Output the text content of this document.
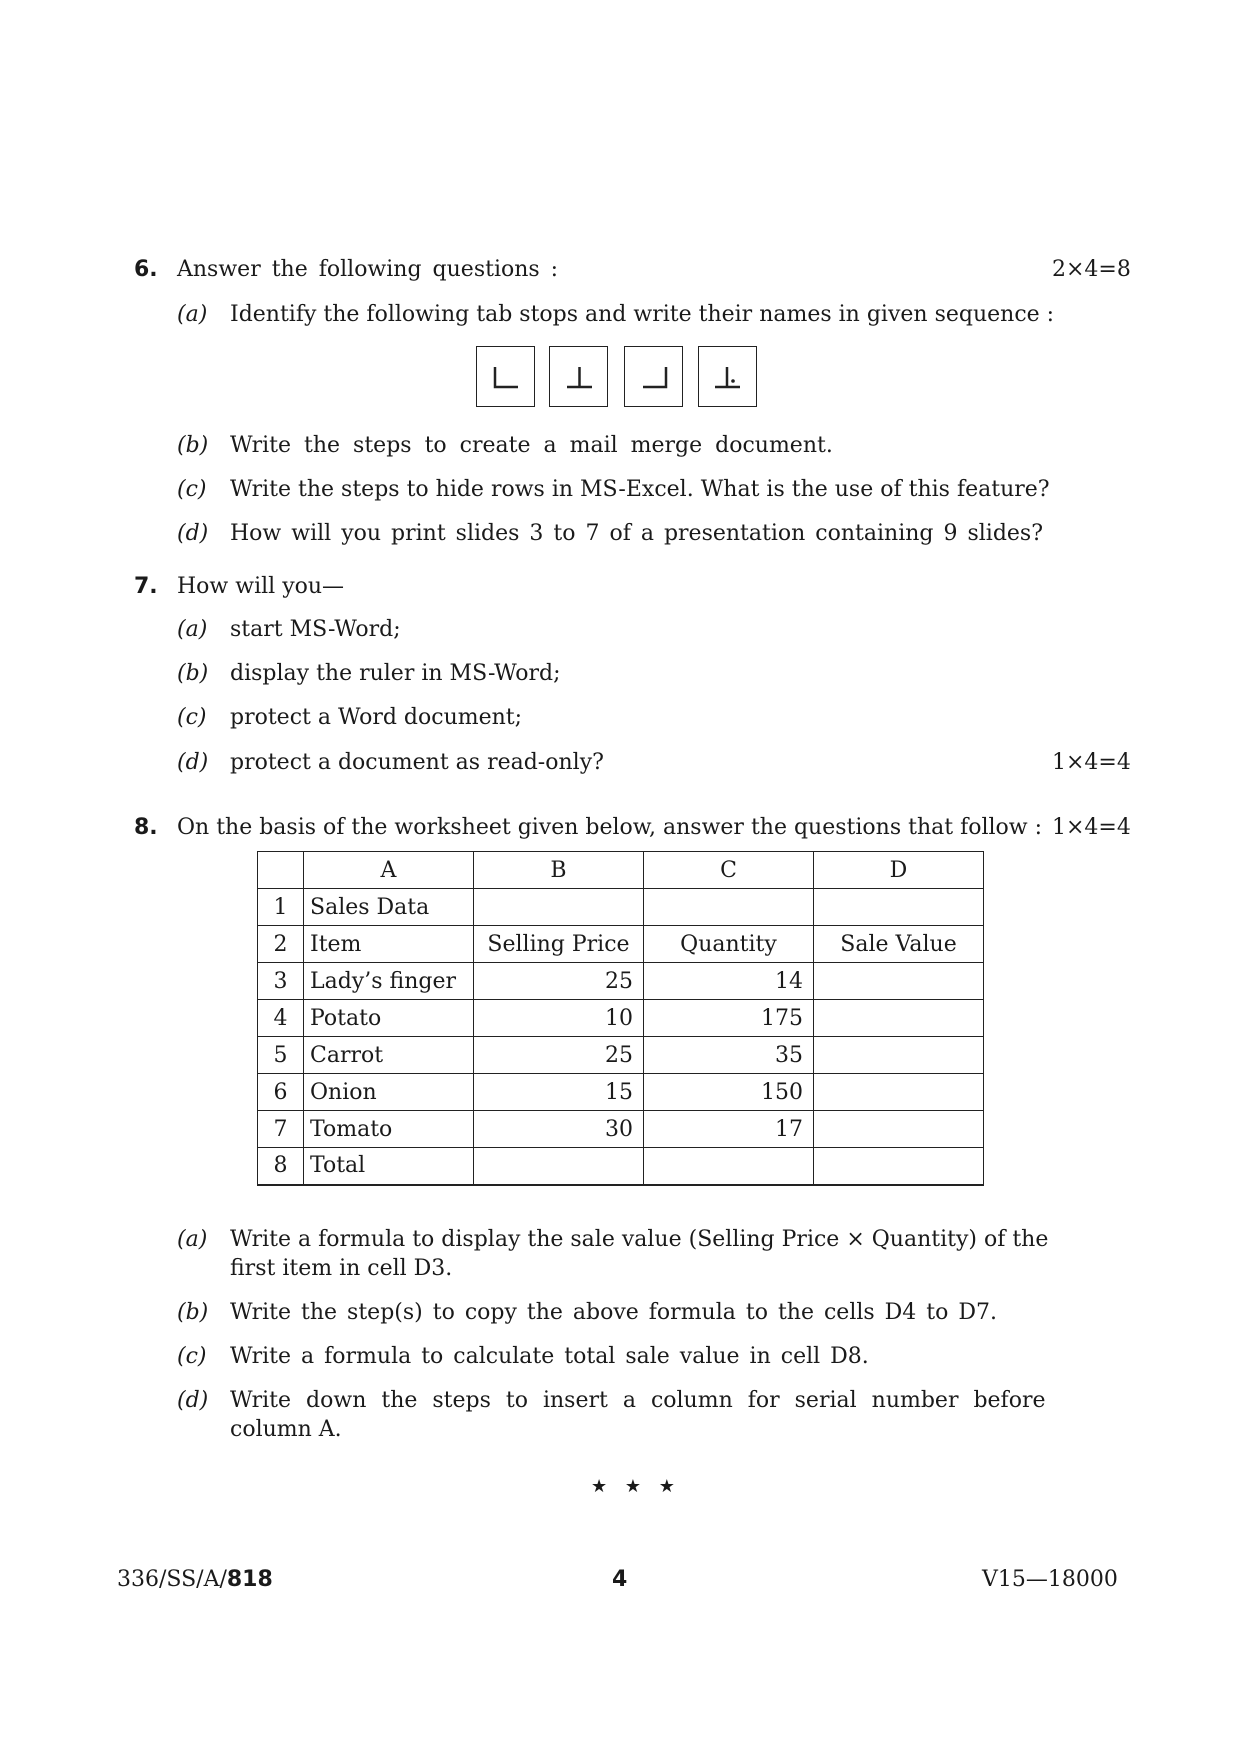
6. Answer the following questions :	2×4=8
(a) Identify the following tab stops and write their names in given sequence :
(b) Write the steps to create a mail merge document.
(c) Write the steps to hide rows in MS-Excel. What is the use of this feature?
(d) How will you print slides 3 to 7 of a presentation containing 9 slides?
7. How will you—
(a) start MS-Word;
(b) display the ruler in MS-Word;
(c) protect a Word document;
(d) protect a document as read-only?	1×4=4
8. On the basis of the worksheet given below, answer the questions that follow : 1×4=4
	A	B	C	D
1	Sales Data			
2	Item	Selling Price	Quantity	Sale Value
3	Lady’s finger	25	14	
4	Potato	10	175	
5	Carrot	25	35	
6	Onion	15	150	
7	Tomato	30	17	
8	Total			
(a) Write a formula to display the sale value (Selling Price × Quantity) of the
first item in cell D3.
(b) Write the step(s) to copy the above formula to the cells D4 to D7.
(c) Write a formula to calculate total sale value in cell D8.
(d) Write down the steps to insert a column for serial number before
column A.
★ ★ ★
336/SS/A/818	4	V15—18000
